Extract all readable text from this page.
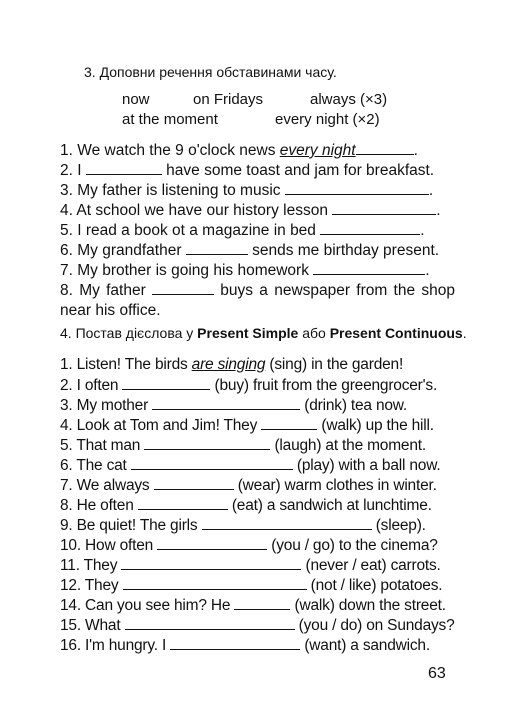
3. Доповни речення обставинами часу.
now	on Fridays	always (×3)
at the moment	every night (×2)
1. We watch the 9 o'clock news every night	.
2. I	have some toast and jam for breakfast.
3. My father is listening to music	.
4. At school we have our history lesson	.
5. I read a book ot a magazine in bed	.
6. My grandfather	sends me birthday present.
7. My brother is going his homework	.
8. My father	buys a newspaper from the shop near his office.
4. Постав дієслова у Present Simple або Present Continuous.
1. Listen! The birds are singing (sing) in the garden!
2. I often	(buy) fruit from the greengrocer's.
3. My mother	(drink) tea now.
4. Look at Tom and Jim! They	(walk) up the hill.
5. That man	(laugh) at the moment.
6. The cat	(play) with a ball now.
7. We always	(wear) warm clothes in winter.
8. He often	(eat) a sandwich at lunchtime.
9. Be quiet! The girls	(sleep).
10. How often	(you / go) to the cinema?
11. They	(never / eat) carrots.
12. They	(not / like) potatoes.
14. Can you see him? He	(walk) down the street.
15. What	(you / do) on Sundays?
16. I'm hungry. I	(want) a sandwich.
63
